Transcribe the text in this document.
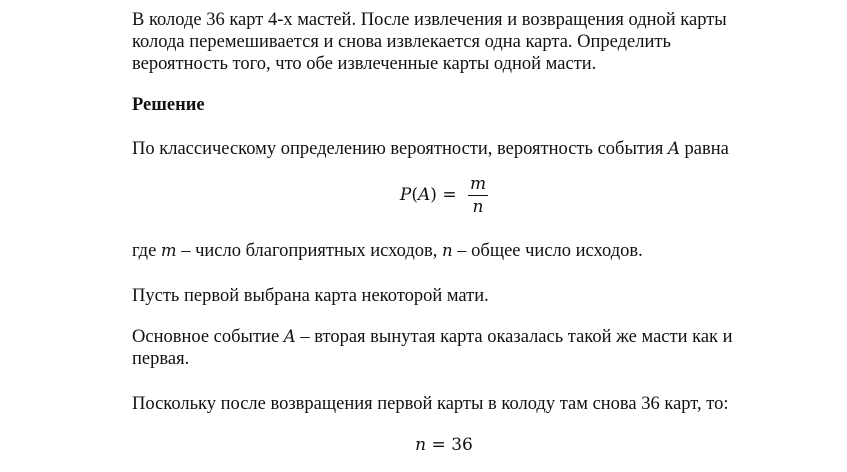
В колоде 36 карт 4-х мастей. После извлечения и возвращения одной карты

колода перемешивается и снова извлекается одна карта. Определить

вероятность того, что обе извлеченные карты одной масти.

Решение

По классическому определению вероятности, вероятность события A равна

$P(A) = \frac{m}{n}$

где m – число благоприятных исходов, n – общее число исходов.

Пусть первой выбрана карта некоторой мати.

Основное событие A – вторая вынутая карта оказалась такой же масти как и

первая.

Поскольку после возвращения первой карты в колоду там снова 36 карт, то:

n = 36
